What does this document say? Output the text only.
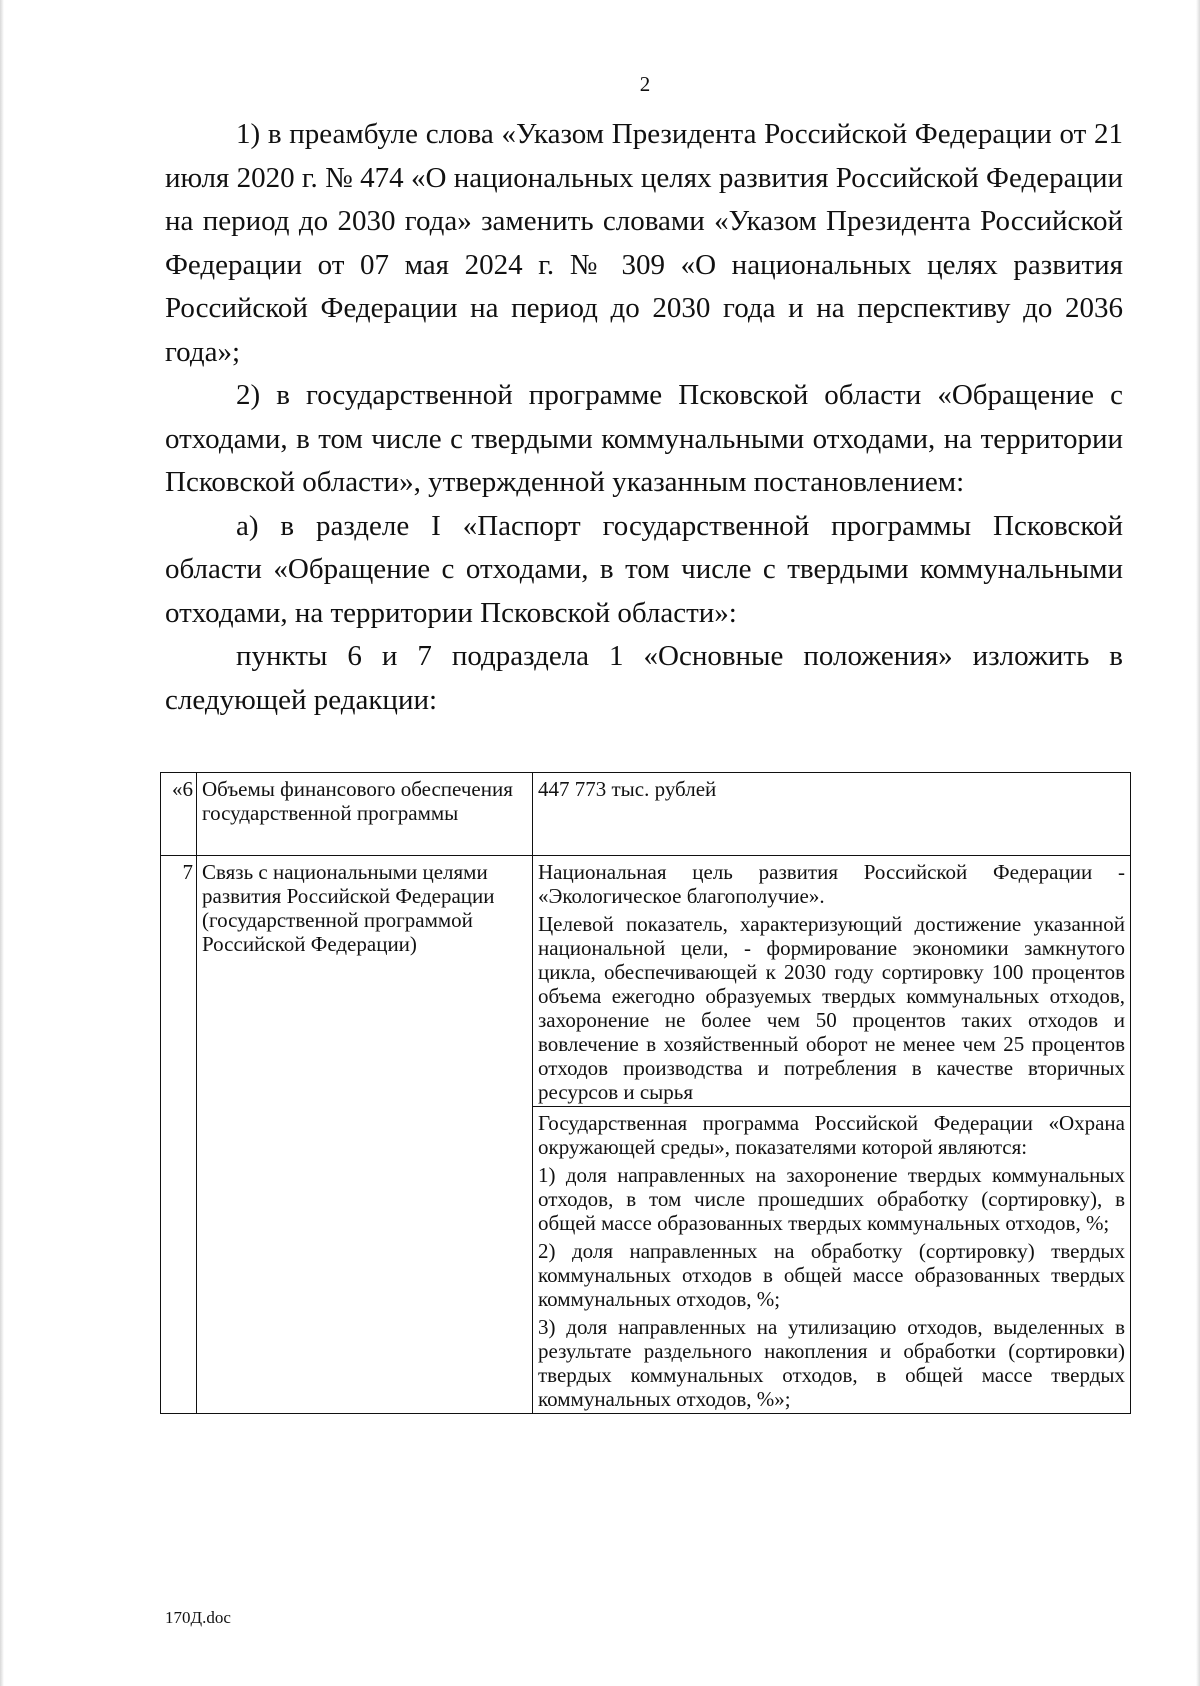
2

1) в преамбуле слова «Указом Президента Российской Федерации от 21 июля 2020 г. № 474 «О национальных целях развития Российской Федерации на период до 2030 года» заменить словами «Указом Президента Российской Федерации от 07 мая 2024 г. № 309 «О национальных целях развития Российской Федерации на период до 2030 года и на перспективу до 2036 года»;

2) в государственной программе Псковской области «Обращение с отходами, в том числе с твердыми коммунальными отходами, на территории Псковской области», утвержденной указанным постановлением:

а) в разделе I «Паспорт государственной программы Псковской области «Обращение с отходами, в том числе с твердыми коммунальными отходами, на территории Псковской области»:

пункты 6 и 7 подраздела 1 «Основные положения» изложить в следующей редакции:

«6	Объемы финансового обеспечения государственной программы	447 773 тыс. рублей

7	Связь с национальными целями развития Российской Федерации (государственной программой Российской Федерации)	Национальная цель развития Российской Федерации - «Экологическое благополучие».

Целевой показатель, характеризующий достижение указанной национальной цели, - формирование экономики замкнутого цикла, обеспечивающей к 2030 году сортировку 100 процентов объема ежегодно образуемых твердых коммунальных отходов, захоронение не более чем 50 процентов таких отходов и вовлечение в хозяйственный оборот не менее чем 25 процентов отходов производства и потребления в качестве вторичных ресурсов и сырья

		Государственная программа Российской Федерации «Охрана окружающей среды», показателями которой являются:

1) доля направленных на захоронение твердых коммунальных отходов, в том числе прошедших обработку (сортировку), в общей массе образованных твердых коммунальных отходов, %;

2) доля направленных на обработку (сортировку) твердых коммунальных отходов в общей массе образованных твердых коммунальных отходов, %;

3) доля направленных на утилизацию отходов, выделенных в результате раздельного накопления и обработки (сортировки) твердых коммунальных отходов, в общей массе твердых коммунальных отходов, %»;

170Д.doc
